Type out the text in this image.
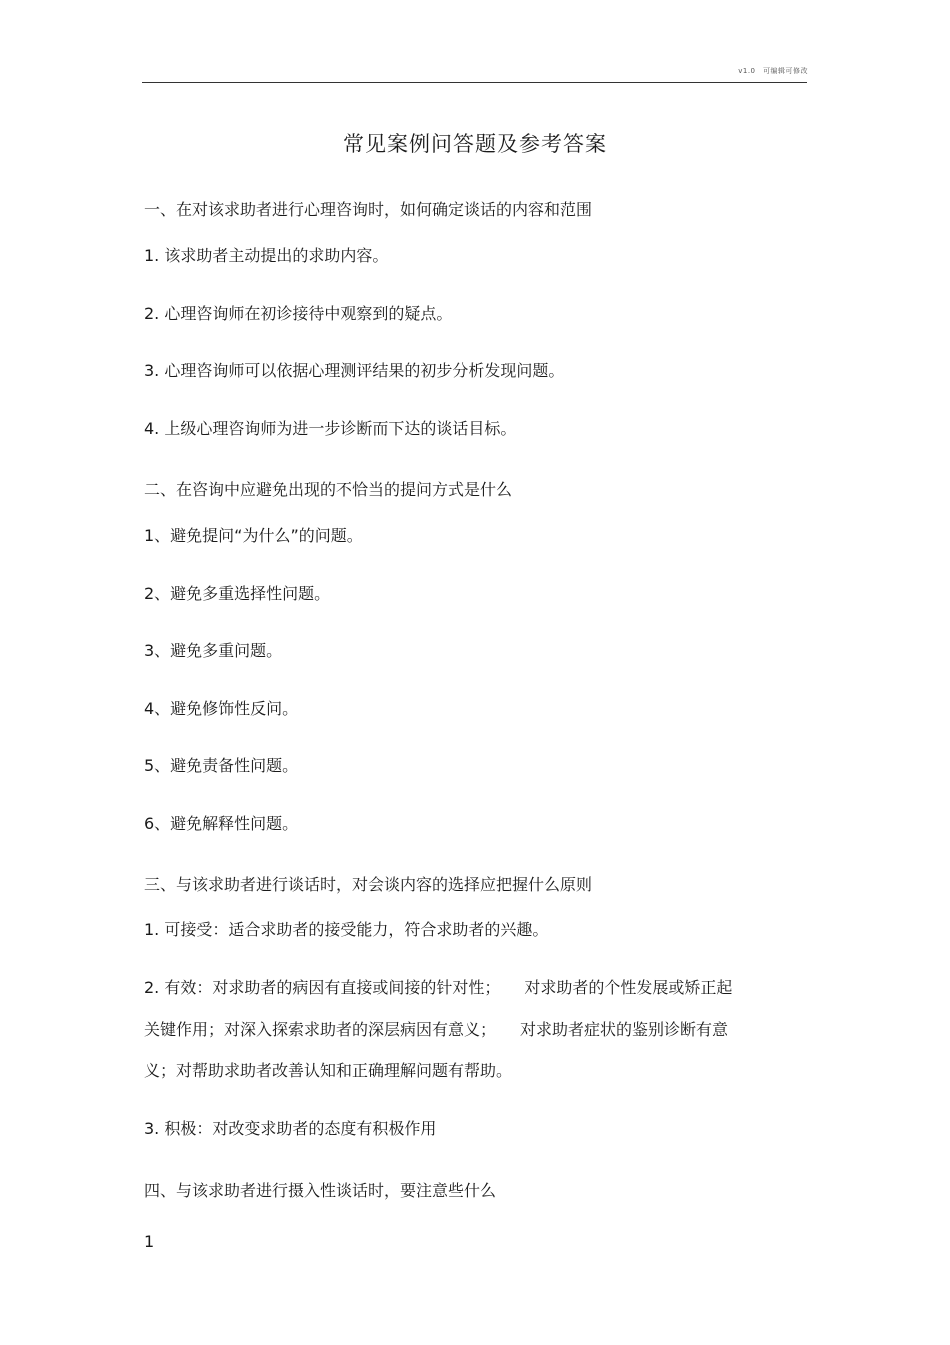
v1.0　可编辑可修改
常见案例问答题及参考答案
一、在对该求助者进行心理咨询时，如何确定谈话的内容和范围
1. 该求助者主动提出的求助内容。
2. 心理咨询师在初诊接待中观察到的疑点。
3. 心理咨询师可以依据心理测评结果的初步分析发现问题。
4. 上级心理咨询师为进一步诊断而下达的谈话目标。
二、在咨询中应避免出现的不恰当的提问方式是什么
1、避免提问“为什么”的问题。
2、避免多重选择性问题。
3、避免多重问题。
4、避免修饰性反问。
5、避免责备性问题。
6、避免解释性问题。
三、与该求助者进行谈话时，对会谈内容的选择应把握什么原则
1. 可接受：适合求助者的接受能力，符合求助者的兴趣。
2. 有效：对求助者的病因有直接或间接的针对性；　　对求助者的个性发展或矫正起
关键作用；对深入探索求助者的深层病因有意义；　　对求助者症状的鉴别诊断有意
义；对帮助求助者改善认知和正确理解问题有帮助。
3. 积极：对改变求助者的态度有积极作用
四、与该求助者进行摄入性谈话时，要注意些什么
1
